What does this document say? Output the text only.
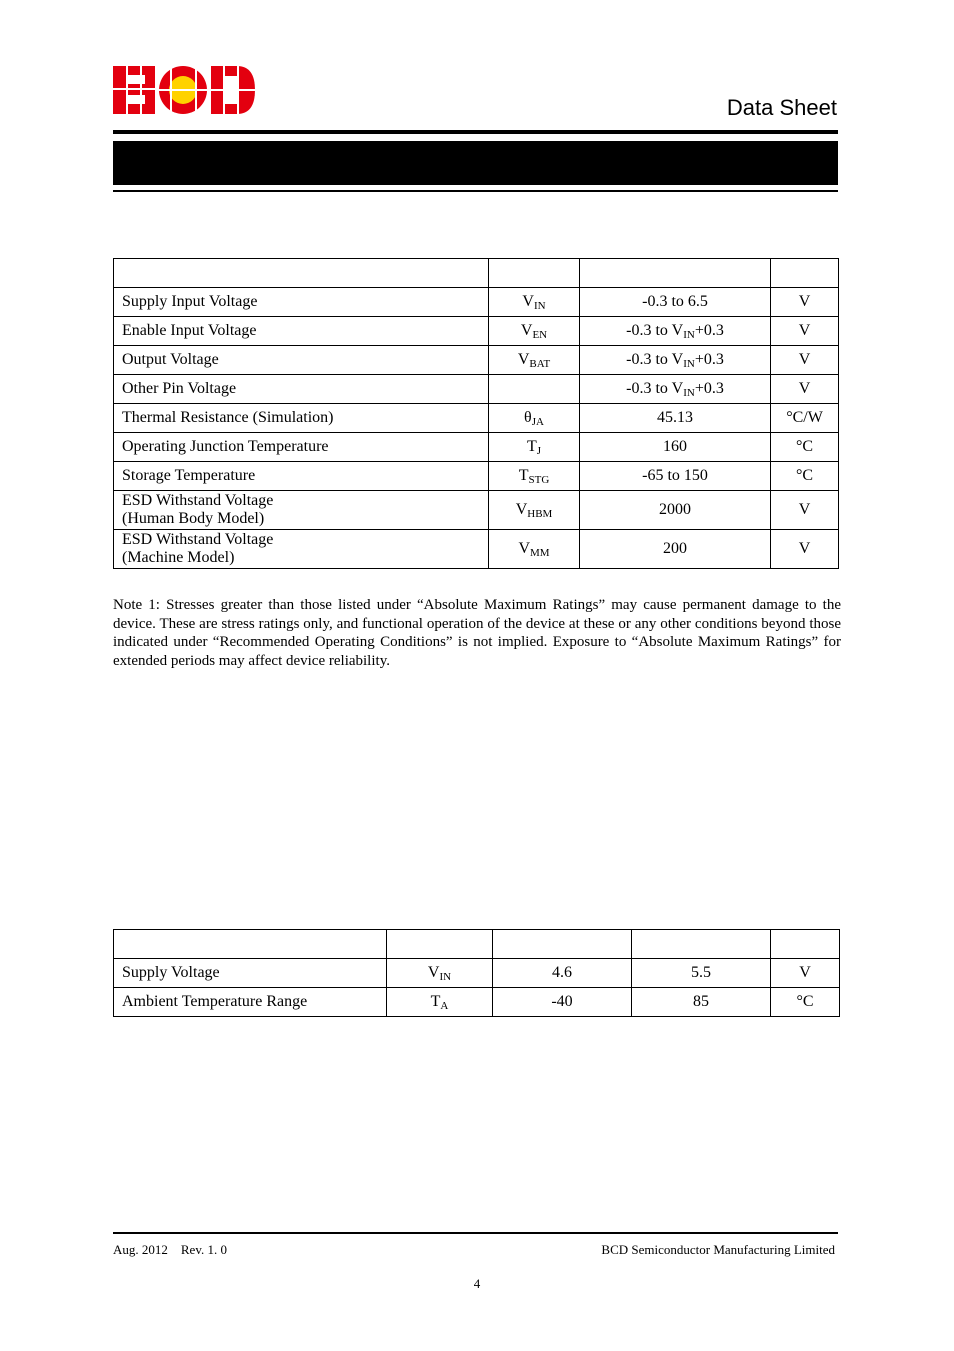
Data Sheet

Supply Input Voltage	$V_{IN}$	-0.3 to 6.5	V
Enable Input Voltage	$V_{EN}$	-0.3 to $V_{IN}+0.3$	V
Output Voltage	$V_{BAT}$	-0.3 to $V_{IN}+0.3$	V
Other Pin Voltage		-0.3 to $V_{IN}+0.3$	V
Thermal Resistance (Simulation)	$\theta_{JA}$	45.13	°C/W
Operating Junction Temperature	$T_J$	160	°C
Storage Temperature	$T_{STG}$	-65 to 150	°C
ESD Withstand Voltage
(Human Body Model)	$V_{HBM}$	2000	V
ESD Withstand Voltage
(Machine Model)	$V_{MM}$	200	V
Note 1: Stresses greater than those listed under “Absolute Maximum Ratings” may cause permanent damage to the device. These are stress ratings only, and functional operation of the device at these or any other conditions beyond those indicated under “Recommended Operating Conditions” is not implied. Exposure to “Absolute Maximum Ratings” for extended periods may affect device reliability.

Supply Voltage	$V_{IN}$	4.6	5.5	V
Ambient Temperature Range	$T_A$	-40	85	°C
Aug. 2012    Rev. 1. 0	BCD Semiconductor Manufacturing Limited
4
